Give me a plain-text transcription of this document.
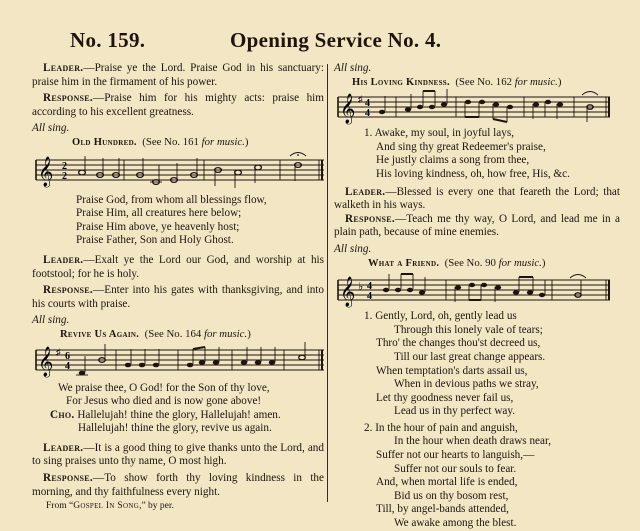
No. 159.	Opening Service No. 4.

Leader.—Praise ye the Lord. Praise God in his sanctuary: praise him in the firmament of his power.

Response.—Praise him for his mighty acts: praise him according to his excellent greatness.

All sing.
Old Hundred. (See No. 161 for music.)
𝄞 2
2
Praise God, from whom all blessings flow,
Praise Him, all creatures here below;
Praise Him above, ye heavenly host;
Praise Father, Son and Holy Ghost.

Leader.—Exalt ye the Lord our God, and worship at his footstool; for he is holy.

Response.—Enter into his gates with thanksgiving, and into his courts with praise.

All sing.
Revive Us Again. (See No. 164 for music.)
𝄞 ♯ 6
4
We praise thee, O God! for the Son of thy love,
For Jesus who died and is now gone above!
Cho. Hallelujah! thine the glory, Hallelujah! amen.
Hallelujah! thine the glory, revive us again.

Leader.—It is a good thing to give thanks unto the Lord, and to sing praises unto thy name, O most high.

Response.—To show forth thy loving kindness in the morning, and thy faithfulness every night.

From “Gospel In Song,” by per.
All sing.
His Loving Kindness. (See No. 162 for music.)
𝄞 ♯ 4
4
1. Awake, my soul, in joyful lays,
And sing thy great Redeemer's praise,
He justly claims a song from thee,
His loving kindness, oh, how free, His, &c.

Leader.—Blessed is every one that feareth the Lord; that walketh in his ways.

Response.—Teach me thy way, O Lord, and lead me in a plain path, because of mine enemies.

All sing.
What a Friend. (See No. 90 for music.)
𝄞 ♭ 4
4
1. Gently, Lord, oh, gently lead us
Through this lonely vale of tears;
Thro' the changes thou'st decreed us,
Till our last great change appears.
When temptation's darts assail us,
When in devious paths we stray,
Let thy goodness never fail us,
Lead us in thy perfect way.
2. In the hour of pain and anguish,
In the hour when death draws near,
Suffer not our hearts to languish,—
Suffer not our souls to fear.
And, when mortal life is ended,
Bid us on thy bosom rest,
Till, by angel-bands attended,
We awake among the blest.
